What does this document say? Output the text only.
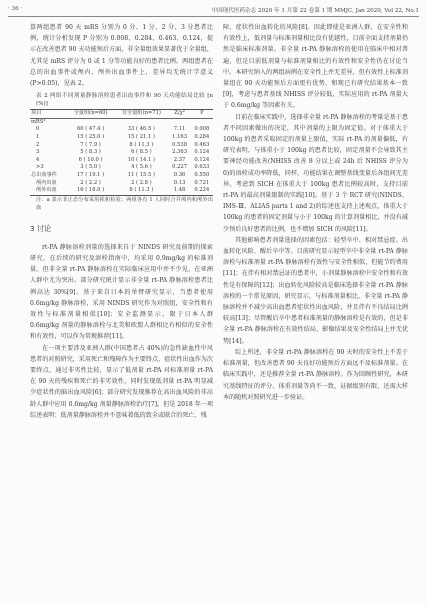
· 36 ·	中国现代医药杂志 2020 年 1 月第 22 卷第 1 期 MMJC, Jan 2020, Vol 22, No.1

算两组患者 90 天 mRS 分别为 0 分、1 分、2 分、3 分患者比例，统计分析发现 P 分别为 0.008、0.284、0.463、0.124，提示在改善患者 90 天功能预后方面，非全量组效果显著优于全量组，尤其是 mRS 评分为 0 或 1 分等功能良好的患者比例。两组患者在总的出血事件或颅内、颅外出血事件上，差异均无统计学意义(P>0.05)，见表 2。

表 2 两组不同剂量静脉溶栓患者出血事件和 90 天功能结局比较 [n (%)]
项目	全量组(n=60)	非全量组(n=71)	Z/χ²	P
mRS²				
0	60 ( 47.4 )	33 ( 46.5 )	7.11	0.008
1	15 ( 25.0 )	15 ( 21.1 )	1.163	0.284
2	7 ( 7.9 )	8 ( 11.3 )	0.538	0.463
3	5 ( 8.3 )	6 ( 8.5 )	2.363	0.124
4	6 ( 10.0 )	10 ( 14.1 )	2.37	0.124
>3	3 ( 5.0 )	4 ( 5.6 )	0.227	0.633
总出血事件	17 ( 19.1 )	11 ( 15.5 )	0.36	0.550
颅内出血	2 ( 2.2 )	2 ( 2.8 )	0.13	0.721
颅外出血	16 ( 18.0 )	8 ( 11.3 )	1.48	0.224
注：a 表示非正态分布采用秩和检验；两组各有 1 人同时合并颅内和颅外出血
3 讨论

rt-PA 静脉溶栓剂量的选择来自于 NINDS 研究及前期的探索研究，在后续的研究及溶栓指南中，均采用 0.9mg/kg 的标准剂量。但非全量 rt-PA 静脉溶栓在实际临床应用中并不少见，在亚洲人群中尤为突出。部分研究统计显示非全量 rt-PA 静脉溶栓患者比例高达 30%[9]。基于来自日本的单臂研究显示，当患者使用 0.6mg/kg 静脉溶栓，采用 NINDS 研究作为对照组，安全性和有效性与标准剂量相似[10]；安全监测显示，限于日本人群 0.6mg/kg 剂量的静脉溶栓与北美和欧盟人群相比有相似的安全性和有效性，可以作为常规推荐[11]。

在一项主要涉及亚洲人群(中国患者占 40%)的急性缺血性中风患者的对照研究，采用死亡和残障作为主要终点，症状性出血作为次要终点，通过非劣性比较，显示了低剂量 rt-PA 对标准剂量 rt-PA 在 90 天的残疾和死亡的非劣效性，同时发现低剂量 rt-PA 明显减少症状性的脑出血风险[6]；部分研究发现推荐在高出血风险的非高龄人群中应用 0.6mg/kg 剂量静脉溶栓治疗[7]。但是 2018 年一项综述表明：低剂量静脉溶栓并不意味着低的致全或联合的死亡、残

障、症状性出血转化的风险[8]。因此即使是亚洲人群，在安全性和有效性上，低剂量与标准剂量相比没有优越性，目前全面支持剂量仍然是临床标准剂量。非全量 rt-PA 静脉溶栓的使用在临床中相对普遍，但是目前低剂量与标准剂量相比的有效性和安全性仍在讨论当中。本研究纳入的两组病例在安全性上并无差异，但有效性上标准剂量组在 90 天功能预后方面更有优势，和现已有研究结果基本一致[9]，考虑与患者基线 NHISS 评分较低，实际应用的 rt-PA 剂量大于 0.6mg/kg 等因素有关。

目前在临床实践中，选择非全量 rt-PA 静脉溶栓的考量是基于患者不同因素做出的决定，其中剂量的上限为固定值。对于体重大于 100kg 的患者采取固定的剂量上限值，实际 rt-PA 的剂量偏低，有研究表明，与体重小于 100kg 的患者比较，固定剂量不会导致其主要神经功能改善(NHISS 改善 8 分以上或 24h 后 NHISS 评分为 0)的溶栓成功率降低，同样，功能结果在调整基线变量后各组间无差异。考虑到 SICH 在体重大于 100kg 患者比例较高时，支持目前 rt-PA 的最高剂量限制的实践[10]。基于 3 个 RCT 研究(NINDS、IMS-Ⅲ、ALIAS parts 1 and 2)的综述也支持上述观点，体重大于 100kg 的患者的固定剂量与小于 100kg 的计算剂量相比，并没有减少预后良好患者的比例，也不增加 SICH 的风险[11]。

其他影响患者剂量选择的因素包括：轻型卒中、相对禁忌症、出血转化风险、醒后卒中等。目前研究显示轻型卒中非全量 rt-PA 静脉溶栓与标准剂量 rt-PA 静脉溶栓有效性与安全性相似，但能节约费用[11]；在伴有相对禁忌证的患者中，小剂量静脉溶栓中安全性和有效性是有保障的[12]；出血转化风险较高是临床选择非全量 rt-PA 静脉溶栓的一个常见原因，研究显示，与标准剂量相比，非全量 rt-PA 静脉溶栓并不减少高出血患者症状性出血风险，并且伴有不良结局比例较高[13]；尽管醒后卒中患者标准剂量的静脉溶栓是有效的，但是非全量 rt-PA 静脉溶栓在有效性结局、影像结果及安全性结局上并无优势[14]。

综上所述，非全量 rt-PA 静脉溶栓在 90 天时的安全性上不差于标准剂量，但改善患者 90 天良好功能预后方面远不及标准剂量。在临床实践中，还是推荐全量 rt-PA 静脉溶栓。作为回顾性研究，本研究基线特征的评分、体重剂量等尚不一致，证据级别有限，还需大样本的随机对照研究进一步验证。
